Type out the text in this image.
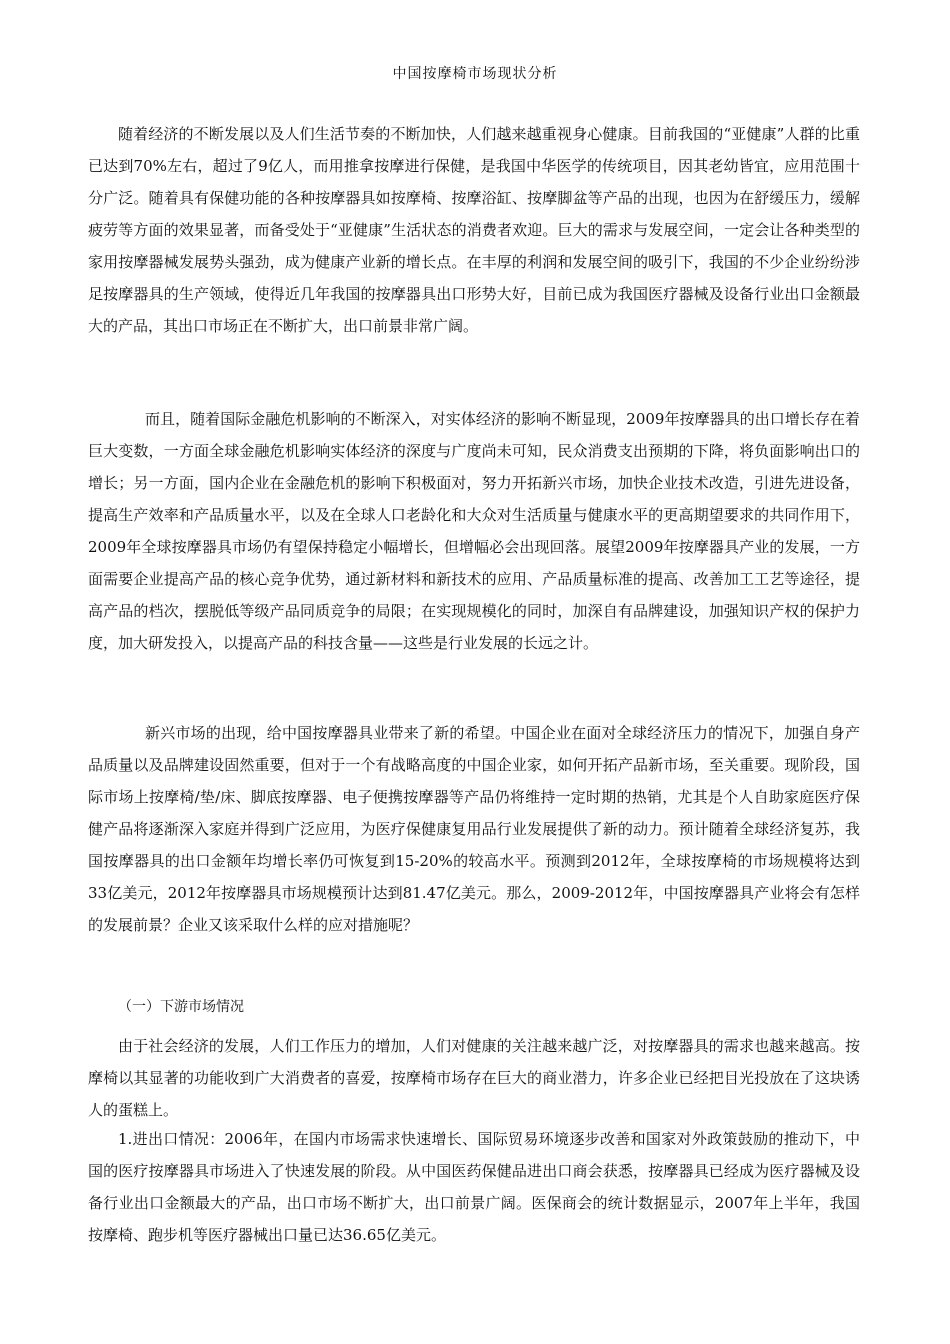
中国按摩椅市场现状分析

随着经济的不断发展以及人们生活节奏的不断加快，人们越来越重视身心健康。目前我国的“亚健康”人群的比重已达到70%左右，超过了9亿人，而用推拿按摩进行保健，是我国中华医学的传统项目，因其老幼皆宜，应用范围十分广泛。随着具有保健功能的各种按摩器具如按摩椅、按摩浴缸、按摩脚盆等产品的出现，也因为在舒缓压力，缓解疲劳等方面的效果显著，而备受处于“亚健康”生活状态的消费者欢迎。巨大的需求与发展空间，一定会让各种类型的家用按摩器械发展势头强劲，成为健康产业新的增长点。在丰厚的利润和发展空间的吸引下，我国的不少企业纷纷涉足按摩器具的生产领域，使得近几年我国的按摩器具出口形势大好，目前已成为我国医疗器械及设备行业出口金额最大的产品，其出口市场正在不断扩大，出口前景非常广阔。

而且，随着国际金融危机影响的不断深入，对实体经济的影响不断显现，2009年按摩器具的出口增长存在着巨大变数，一方面全球金融危机影响实体经济的深度与广度尚未可知，民众消费支出预期的下降，将负面影响出口的增长；另一方面，国内企业在金融危机的影响下积极面对，努力开拓新兴市场，加快企业技术改造，引进先进设备，提高生产效率和产品质量水平，以及在全球人口老龄化和大众对生活质量与健康水平的更高期望要求的共同作用下，2009年全球按摩器具市场仍有望保持稳定小幅增长，但增幅必会出现回落。展望2009年按摩器具产业的发展，一方面需要企业提高产品的核心竞争优势，通过新材料和新技术的应用、产品质量标准的提高、改善加工工艺等途径，提高产品的档次，摆脱低等级产品同质竞争的局限；在实现规模化的同时，加深自有品牌建设，加强知识产权的保护力度，加大研发投入，以提高产品的科技含量——这些是行业发展的长远之计。

新兴市场的出现，给中国按摩器具业带来了新的希望。中国企业在面对全球经济压力的情况下，加强自身产品质量以及品牌建设固然重要，但对于一个有战略高度的中国企业家，如何开拓产品新市场，至关重要。现阶段，国际市场上按摩椅/垫/床、脚底按摩器、电子便携按摩器等产品仍将维持一定时期的热销，尤其是个人自助家庭医疗保健产品将逐渐深入家庭并得到广泛应用，为医疗保健康复用品行业发展提供了新的动力。预计随着全球经济复苏，我国按摩器具的出口金额年均增长率仍可恢复到15-20%的较高水平。预测到2012年，全球按摩椅的市场规模将达到33亿美元，2012年按摩器具市场规模预计达到81.47亿美元。那么，2009-2012年，中国按摩器具产业将会有怎样的发展前景？企业又该采取什么样的应对措施呢？

（一）下游市场情况

由于社会经济的发展，人们工作压力的增加，人们对健康的关注越来越广泛，对按摩器具的需求也越来越高。按摩椅以其显著的功能收到广大消费者的喜爱，按摩椅市场存在巨大的商业潜力，许多企业已经把目光投放在了这块诱人的蛋糕上。

1.进出口情况：2006年，在国内市场需求快速增长、国际贸易环境逐步改善和国家对外政策鼓励的推动下，中国的医疗按摩器具市场进入了快速发展的阶段。从中国医药保健品进出口商会获悉，按摩器具已经成为医疗器械及设备行业出口金额最大的产品，出口市场不断扩大，出口前景广阔。医保商会的统计数据显示，2007年上半年，我国按摩椅、跑步机等医疗器械出口量已达36.65亿美元。
